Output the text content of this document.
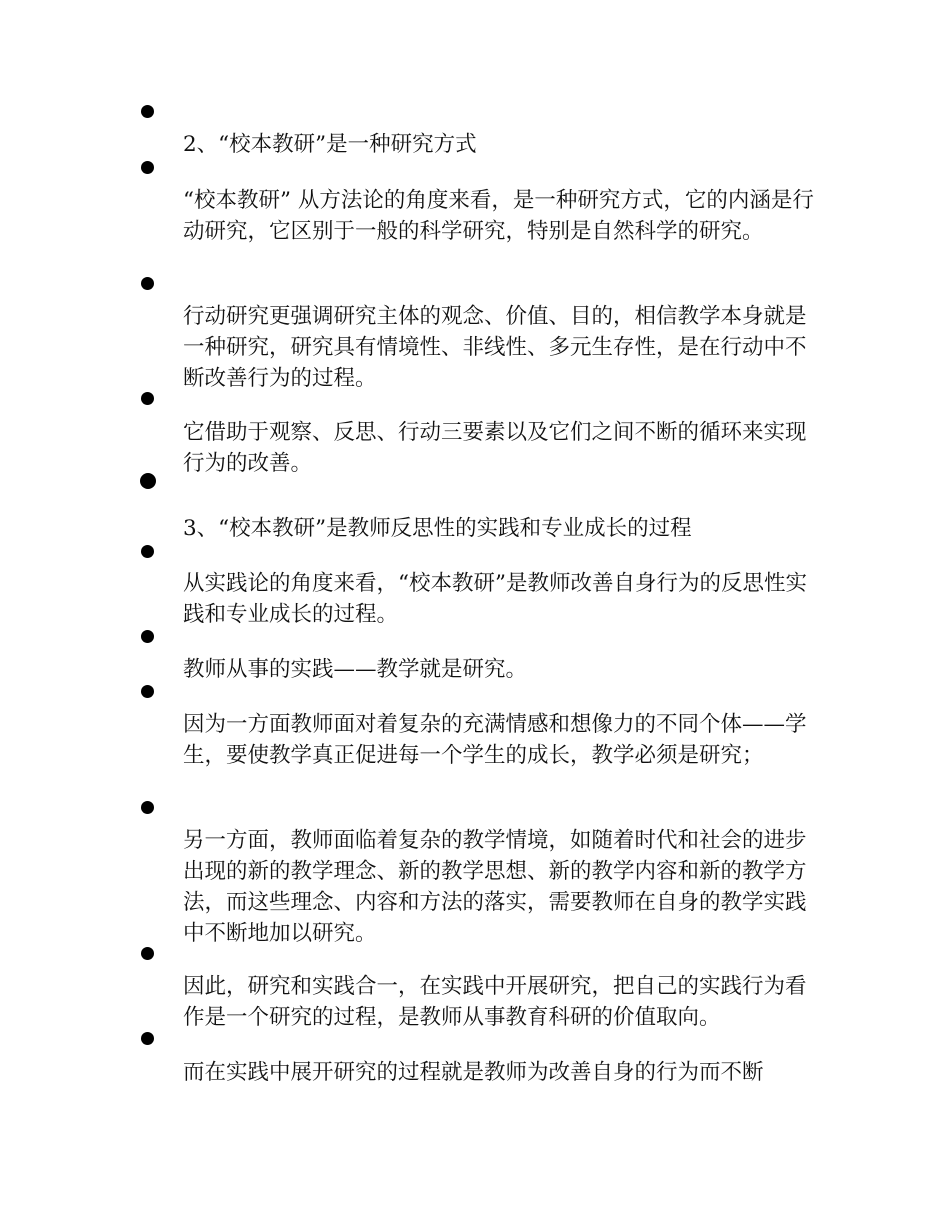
2、“校本教研”是一种研究方式

“校本教研” 从方法论的角度来看，是一种研究方式，它的内涵是行动研究，它区别于一般的科学研究，特别是自然科学的研究。

行动研究更强调研究主体的观念、价值、目的，相信教学本身就是一种研究，研究具有情境性、非线性、多元生存性，是在行动中不断改善行为的过程。

它借助于观察、反思、行动三要素以及它们之间不断的循环来实现行为的改善。

3、“校本教研”是教师反思性的实践和专业成长的过程

从实践论的角度来看，“校本教研”是教师改善自身行为的反思性实践和专业成长的过程。

教师从事的实践——教学就是研究。

因为一方面教师面对着复杂的充满情感和想像力的不同个体——学生，要使教学真正促进每一个学生的成长，教学必须是研究；

另一方面，教师面临着复杂的教学情境，如随着时代和社会的进步出现的新的教学理念、新的教学思想、新的教学内容和新的教学方法，而这些理念、内容和方法的落实，需要教师在自身的教学实践中不断地加以研究。

因此，研究和实践合一，在实践中开展研究，把自己的实践行为看作是一个研究的过程，是教师从事教育科研的价值取向。

而在实践中展开研究的过程就是教师为改善自身的行为而不断
